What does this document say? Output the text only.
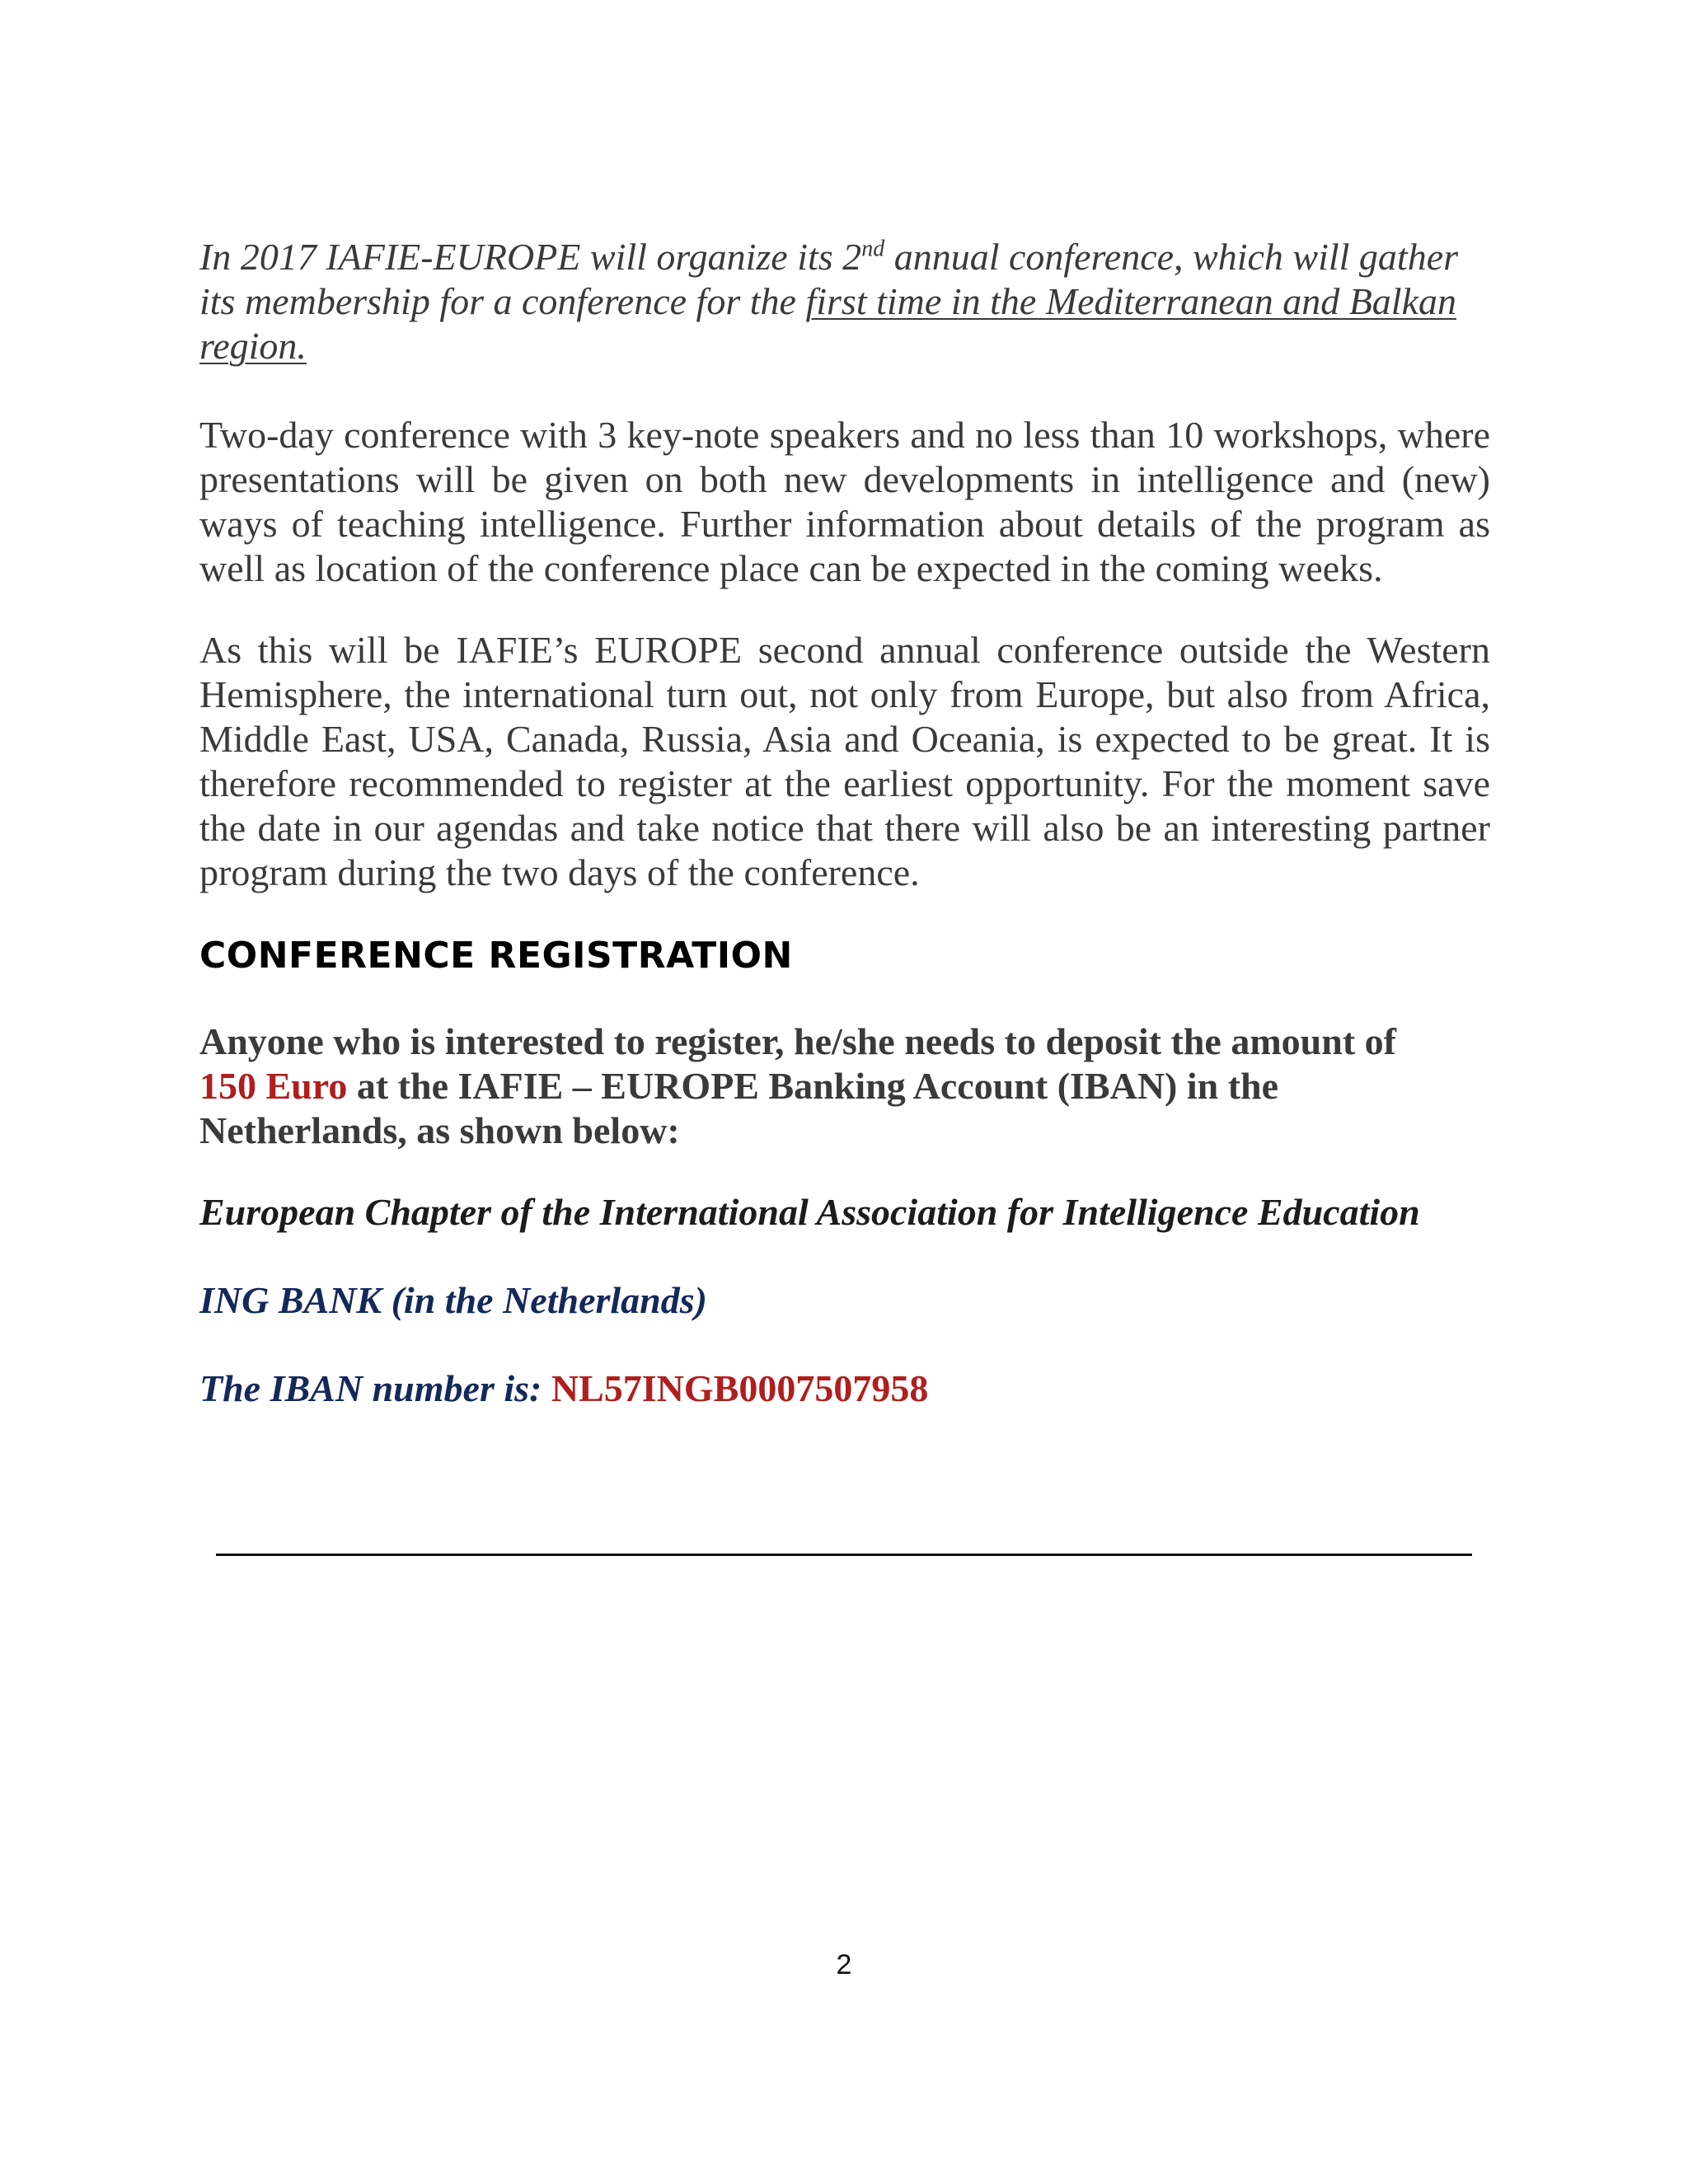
In 2017 IAFIE-EUROPE will organize its 2nd annual conference, which will gather its membership for a conference for the first time in the Mediterranean and Balkan region.

Two-day conference with 3 key-note speakers and no less than 10 workshops, where presentations will be given on both new developments in intelligence and (new) ways of teaching intelligence. Further information about details of the program as well as location of the conference place can be expected in the coming weeks.

As this will be IAFIE’s EUROPE second annual conference outside the Western Hemisphere, the international turn out, not only from Europe, but also from Africa, Middle East, USA, Canada, Russia, Asia and Oceania, is expected to be great. It is therefore recommended to register at the earliest opportunity. For the moment save the date in our agendas and take notice that there will also be an interesting partner program during the two days of the conference.

CONFERENCE REGISTRATION

Anyone who is interested to register, he/she needs to deposit the amount of
150 Euro at the IAFIE – EUROPE Banking Account (IBAN) in the Netherlands, as shown below:

European Chapter of the International Association for Intelligence Education

ING BANK (in the Netherlands)

The IBAN number is: NL57INGB0007507958

2
